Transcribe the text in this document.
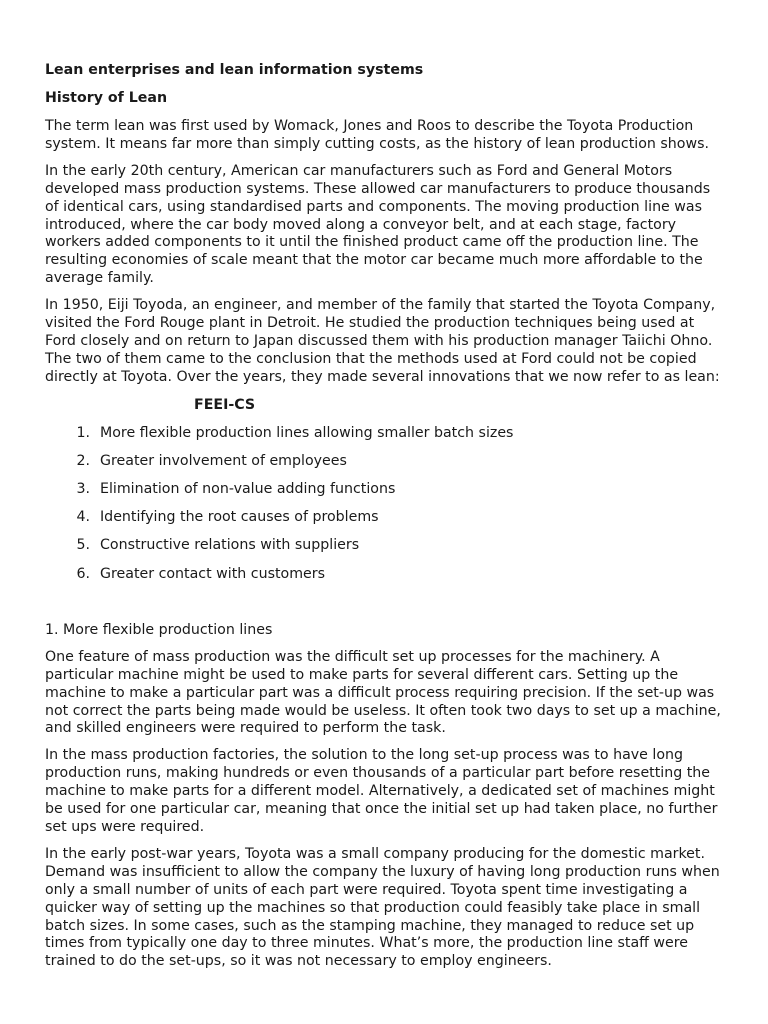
Lean enterprises and lean information systems
History of Lean

The term lean was first used by Womack, Jones and Roos to describe the Toyota Production system. It means far more than simply cutting costs, as the history of lean production shows.

In the early 20th century, American car manufacturers such as Ford and General Motors developed mass production systems. These allowed car manufacturers to produce thousands of identical cars, using standardised parts and components. The moving production line was introduced, where the car body moved along a conveyor belt, and at each stage, factory workers added components to it until the finished product came off the production line. The resulting economies of scale meant that the motor car became much more affordable to the average family.

In 1950, Eiji Toyoda, an engineer, and member of the family that started the Toyota Company, visited the Ford Rouge plant in Detroit. He studied the production techniques being used at Ford closely and on return to Japan discussed them with his production manager Taiichi Ohno. The two of them came to the conclusion that the methods used at Ford could not be copied directly at Toyota. Over the years, they made several innovations that we now refer to as lean:

FEEI-CS
1. More flexible production lines allowing smaller batch sizes
2. Greater involvement of employees
3. Elimination of non-value adding functions
4. Identifying the root causes of problems
5. Constructive relations with suppliers
6. Greater contact with customers
1. More flexible production lines

One feature of mass production was the difficult set up processes for the machinery. A particular machine might be used to make parts for several different cars. Setting up the machine to make a particular part was a difficult process requiring precision. If the set-up was not correct the parts being made would be useless. It often took two days to set up a machine, and skilled engineers were required to perform the task.

In the mass production factories, the solution to the long set-up process was to have long production runs, making hundreds or even thousands of a particular part before resetting the machine to make parts for a different model. Alternatively, a dedicated set of machines might be used for one particular car, meaning that once the initial set up had taken place, no further set ups were required.

In the early post-war years, Toyota was a small company producing for the domestic market. Demand was insufficient to allow the company the luxury of having long production runs when only a small number of units of each part were required. Toyota spent time investigating a quicker way of setting up the machines so that production could feasibly take place in small batch sizes. In some cases, such as the stamping machine, they managed to reduce set up times from typically one day to three minutes. What’s more, the production line staff were trained to do the set-ups, so it was not necessary to employ engineers.
